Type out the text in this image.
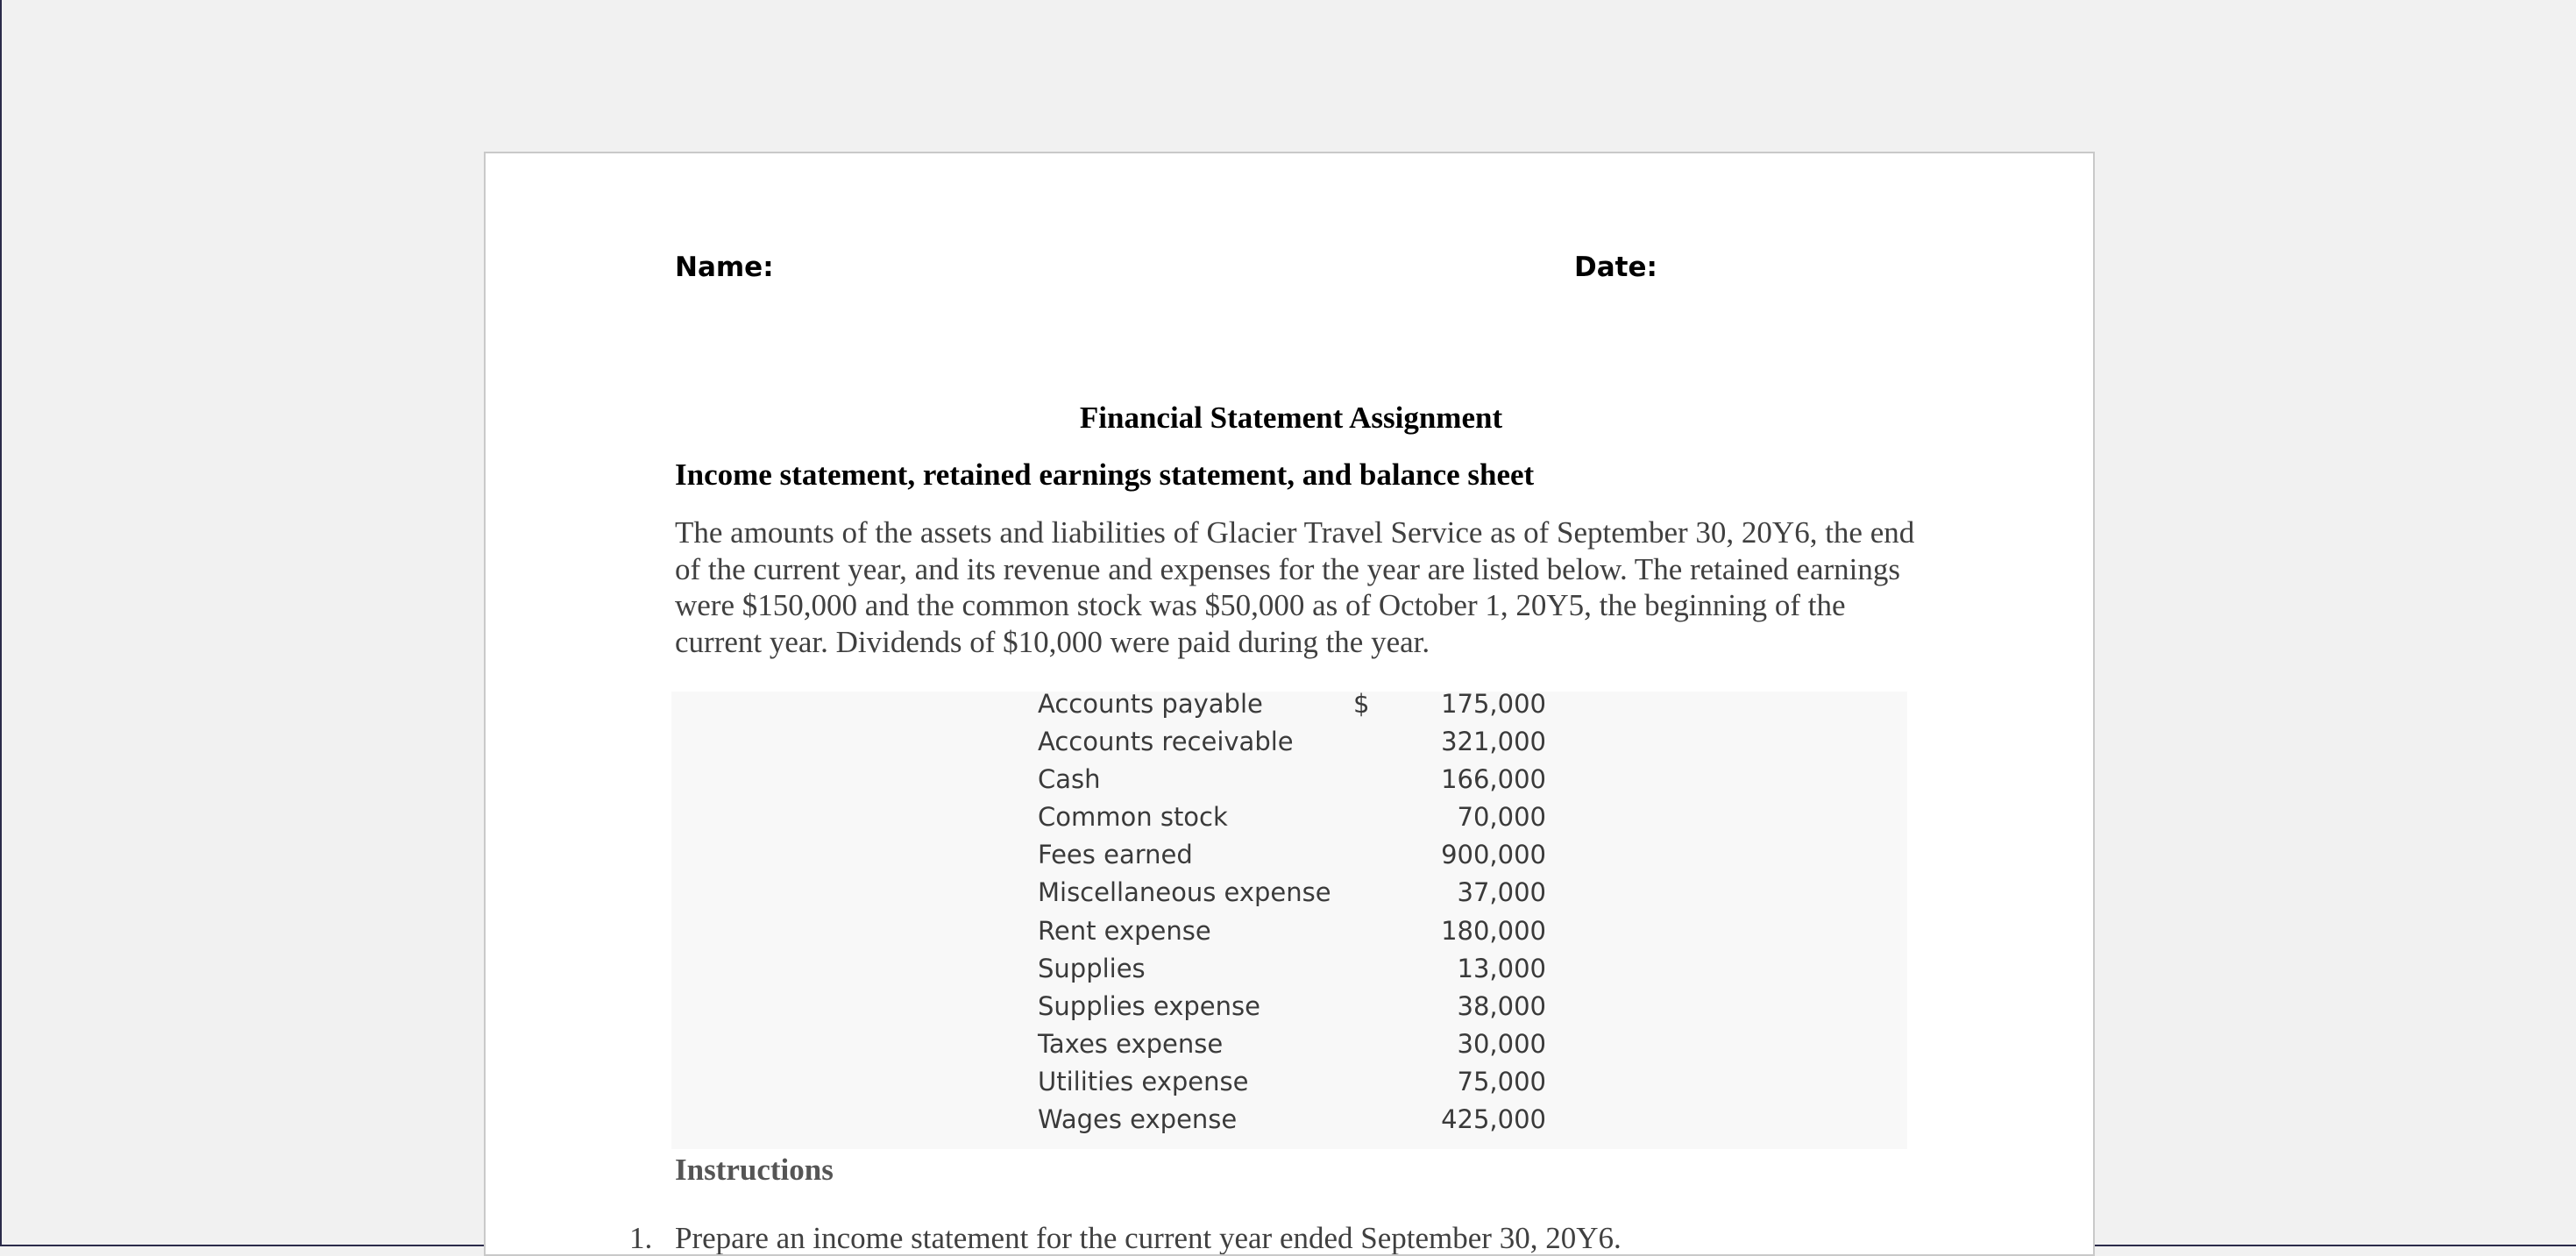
Name:	Date:
Financial Statement Assignment
Income statement, retained earnings statement, and balance sheet

The amounts of the assets and liabilities of Glacier Travel Service as of September 30, 20Y6, the end of the current year, and its revenue and expenses for the year are listed below. The retained earnings were $150,000 and the common stock was $50,000 as of October 1, 20Y5, the beginning of the current year. Dividends of $10,000 were paid during the year.

Accounts payable	$	175,000
Accounts receivable	321,000
Cash	166,000
Common stock	70,000
Fees earned	900,000
Miscellaneous expense	37,000
Rent expense	180,000
Supplies	13,000
Supplies expense	38,000
Taxes expense	30,000
Utilities expense	75,000
Wages expense	425,000
Instructions
1. Prepare an income statement for the current year ended September 30, 20Y6.
